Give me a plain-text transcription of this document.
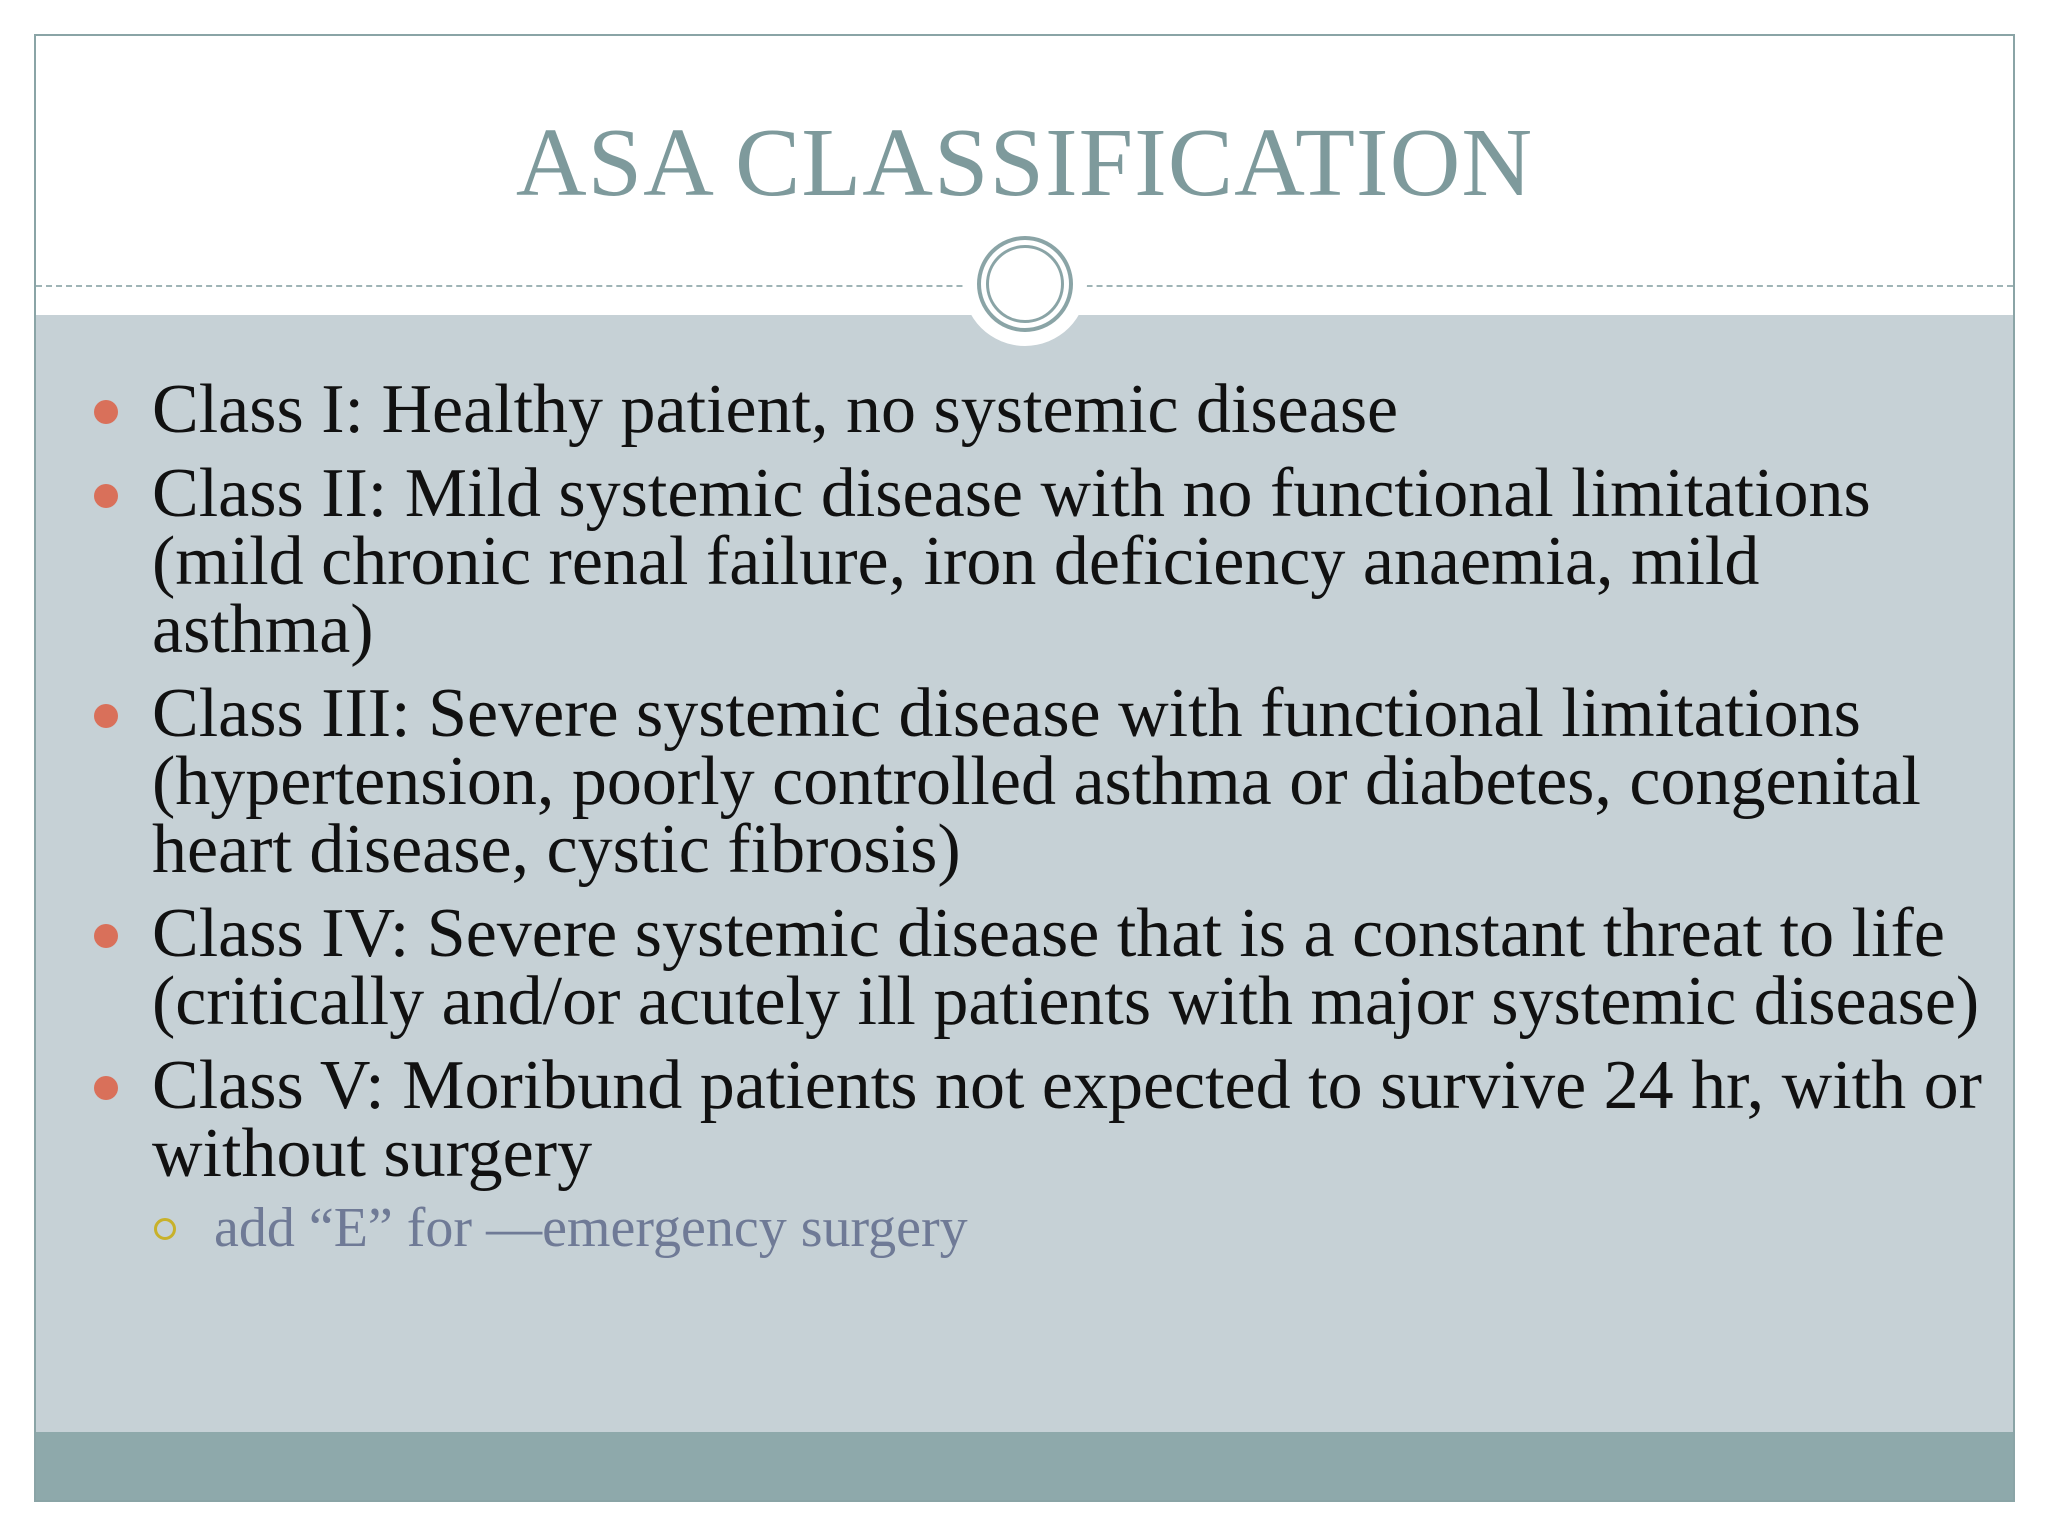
ASA CLASSIFICATION
Class I: Healthy patient, no systemic disease
Class II: Mild systemic disease with no functional limitations (mild chronic renal failure, iron deficiency anaemia, mild asthma)
Class III: Severe systemic disease with functional limitations (hypertension, poorly controlled asthma or diabetes, congenital heart disease, cystic fibrosis)
Class IV: Severe systemic disease that is a constant threat to life (critically and/or acutely ill patients with major systemic disease)
Class V: Moribund patients not expected to survive 24 hr, with or without surgery
add “E” for —emergency surgery
